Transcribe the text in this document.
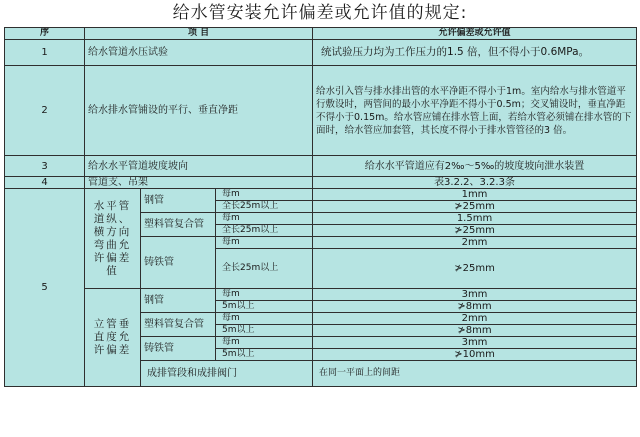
给水管安装允许偏差或允许值的规定:
序	项 目			允许偏差或允许值	
1	给水管道水压试验			统试验压力均为工作压力的1.5 倍，但不得小于0.6MPa。	
2	给水排水管铺设的平行、垂直净距			给水引入管与排水排出管的水平净距不得小于1m。室内给水与排水管道平行敷设时，两管间的最小水平净距不得小于0.5m；交叉铺设时，垂直净距不得小于0.15m。给水管应铺在排水管上面，若给水管必须铺在排水管的下面时，给水管应加套管，其长度不得小于排水管管径的3 倍。	
3	给水水平管道坡度坡向			给水水平管道应有2‰～5‰的坡度坡向泄水装置	
4	管道支、吊架			表3.2.2、3.2.3条	
5	水平管道纵、横方向弯曲允许偏差值	钢管	每m	1mm	
			全长25m以上	≯25mm	
		塑料管复合管	每m	1.5mm	
			全长25m以上	≯25mm	
		铸铁管	每m	2mm	
			全长25m以上	≯25mm	
	立管垂直度允许偏差	钢管	每m	3mm	
			5m以上	≯8mm	
		塑料管复合管	每m	2mm	
			5m以上	≯8mm	
		铸铁管	每m	3mm	
			5m以上	≯10mm	
		成排管段和成排阀门		在同一平面上的间距	
